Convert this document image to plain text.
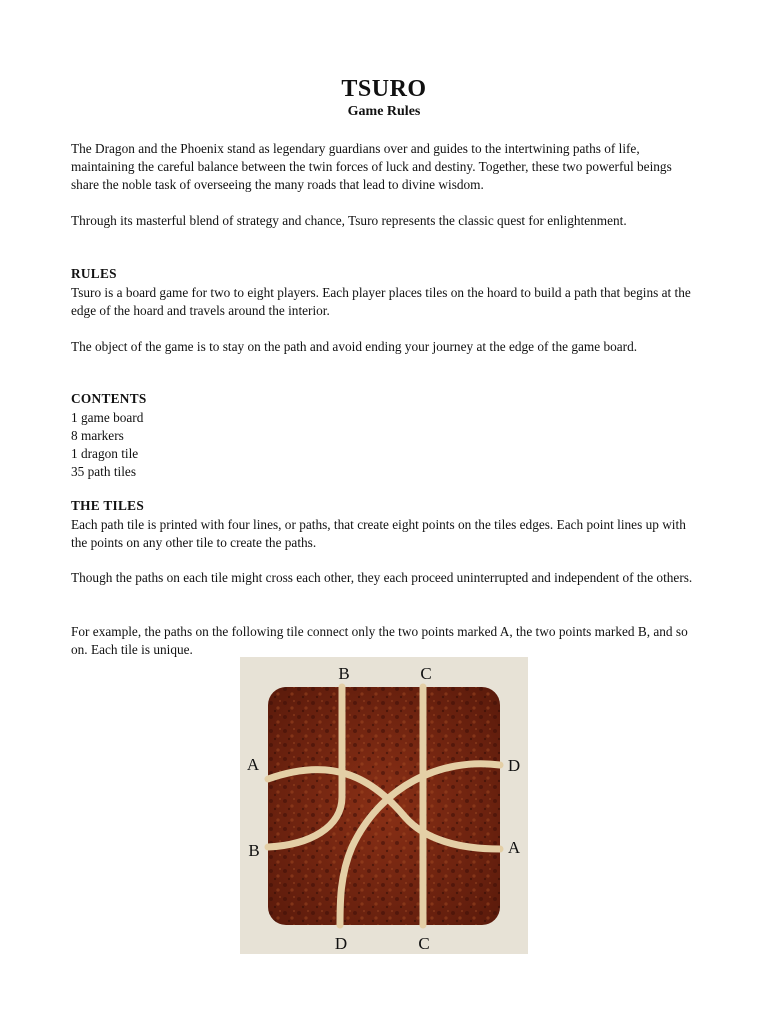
TSURO
Game Rules

The Dragon and the Phoenix stand as legendary guardians over and guides to the intertwining paths of life, maintaining the careful balance between the twin forces of luck and destiny. Together, these two powerful beings share the noble task of overseeing the many roads that lead to divine wisdom.

Through its masterful blend of strategy and chance, Tsuro represents the classic quest for enlightenment.

RULES

Tsuro is a board game for two to eight players. Each player places tiles on the hoard to build a path that begins at the edge of the hoard and travels around the interior.

The object of the game is to stay on the path and avoid ending your journey at the edge of the game board.

CONTENTS

1 game board
8 markers
1 dragon tile
35 path tiles

THE TILES

Each path tile is printed with four lines, or paths, that create eight points on the tiles edges. Each point lines up with the points on any other tile to create the paths.

Though the paths on each tile might cross each other, they each proceed uninterrupted and independent of the others.

For example, the paths on the following tile connect only the two points marked A, the two points marked B, and so on. Each tile is unique.

B	C
A
B
D
A
D	C
